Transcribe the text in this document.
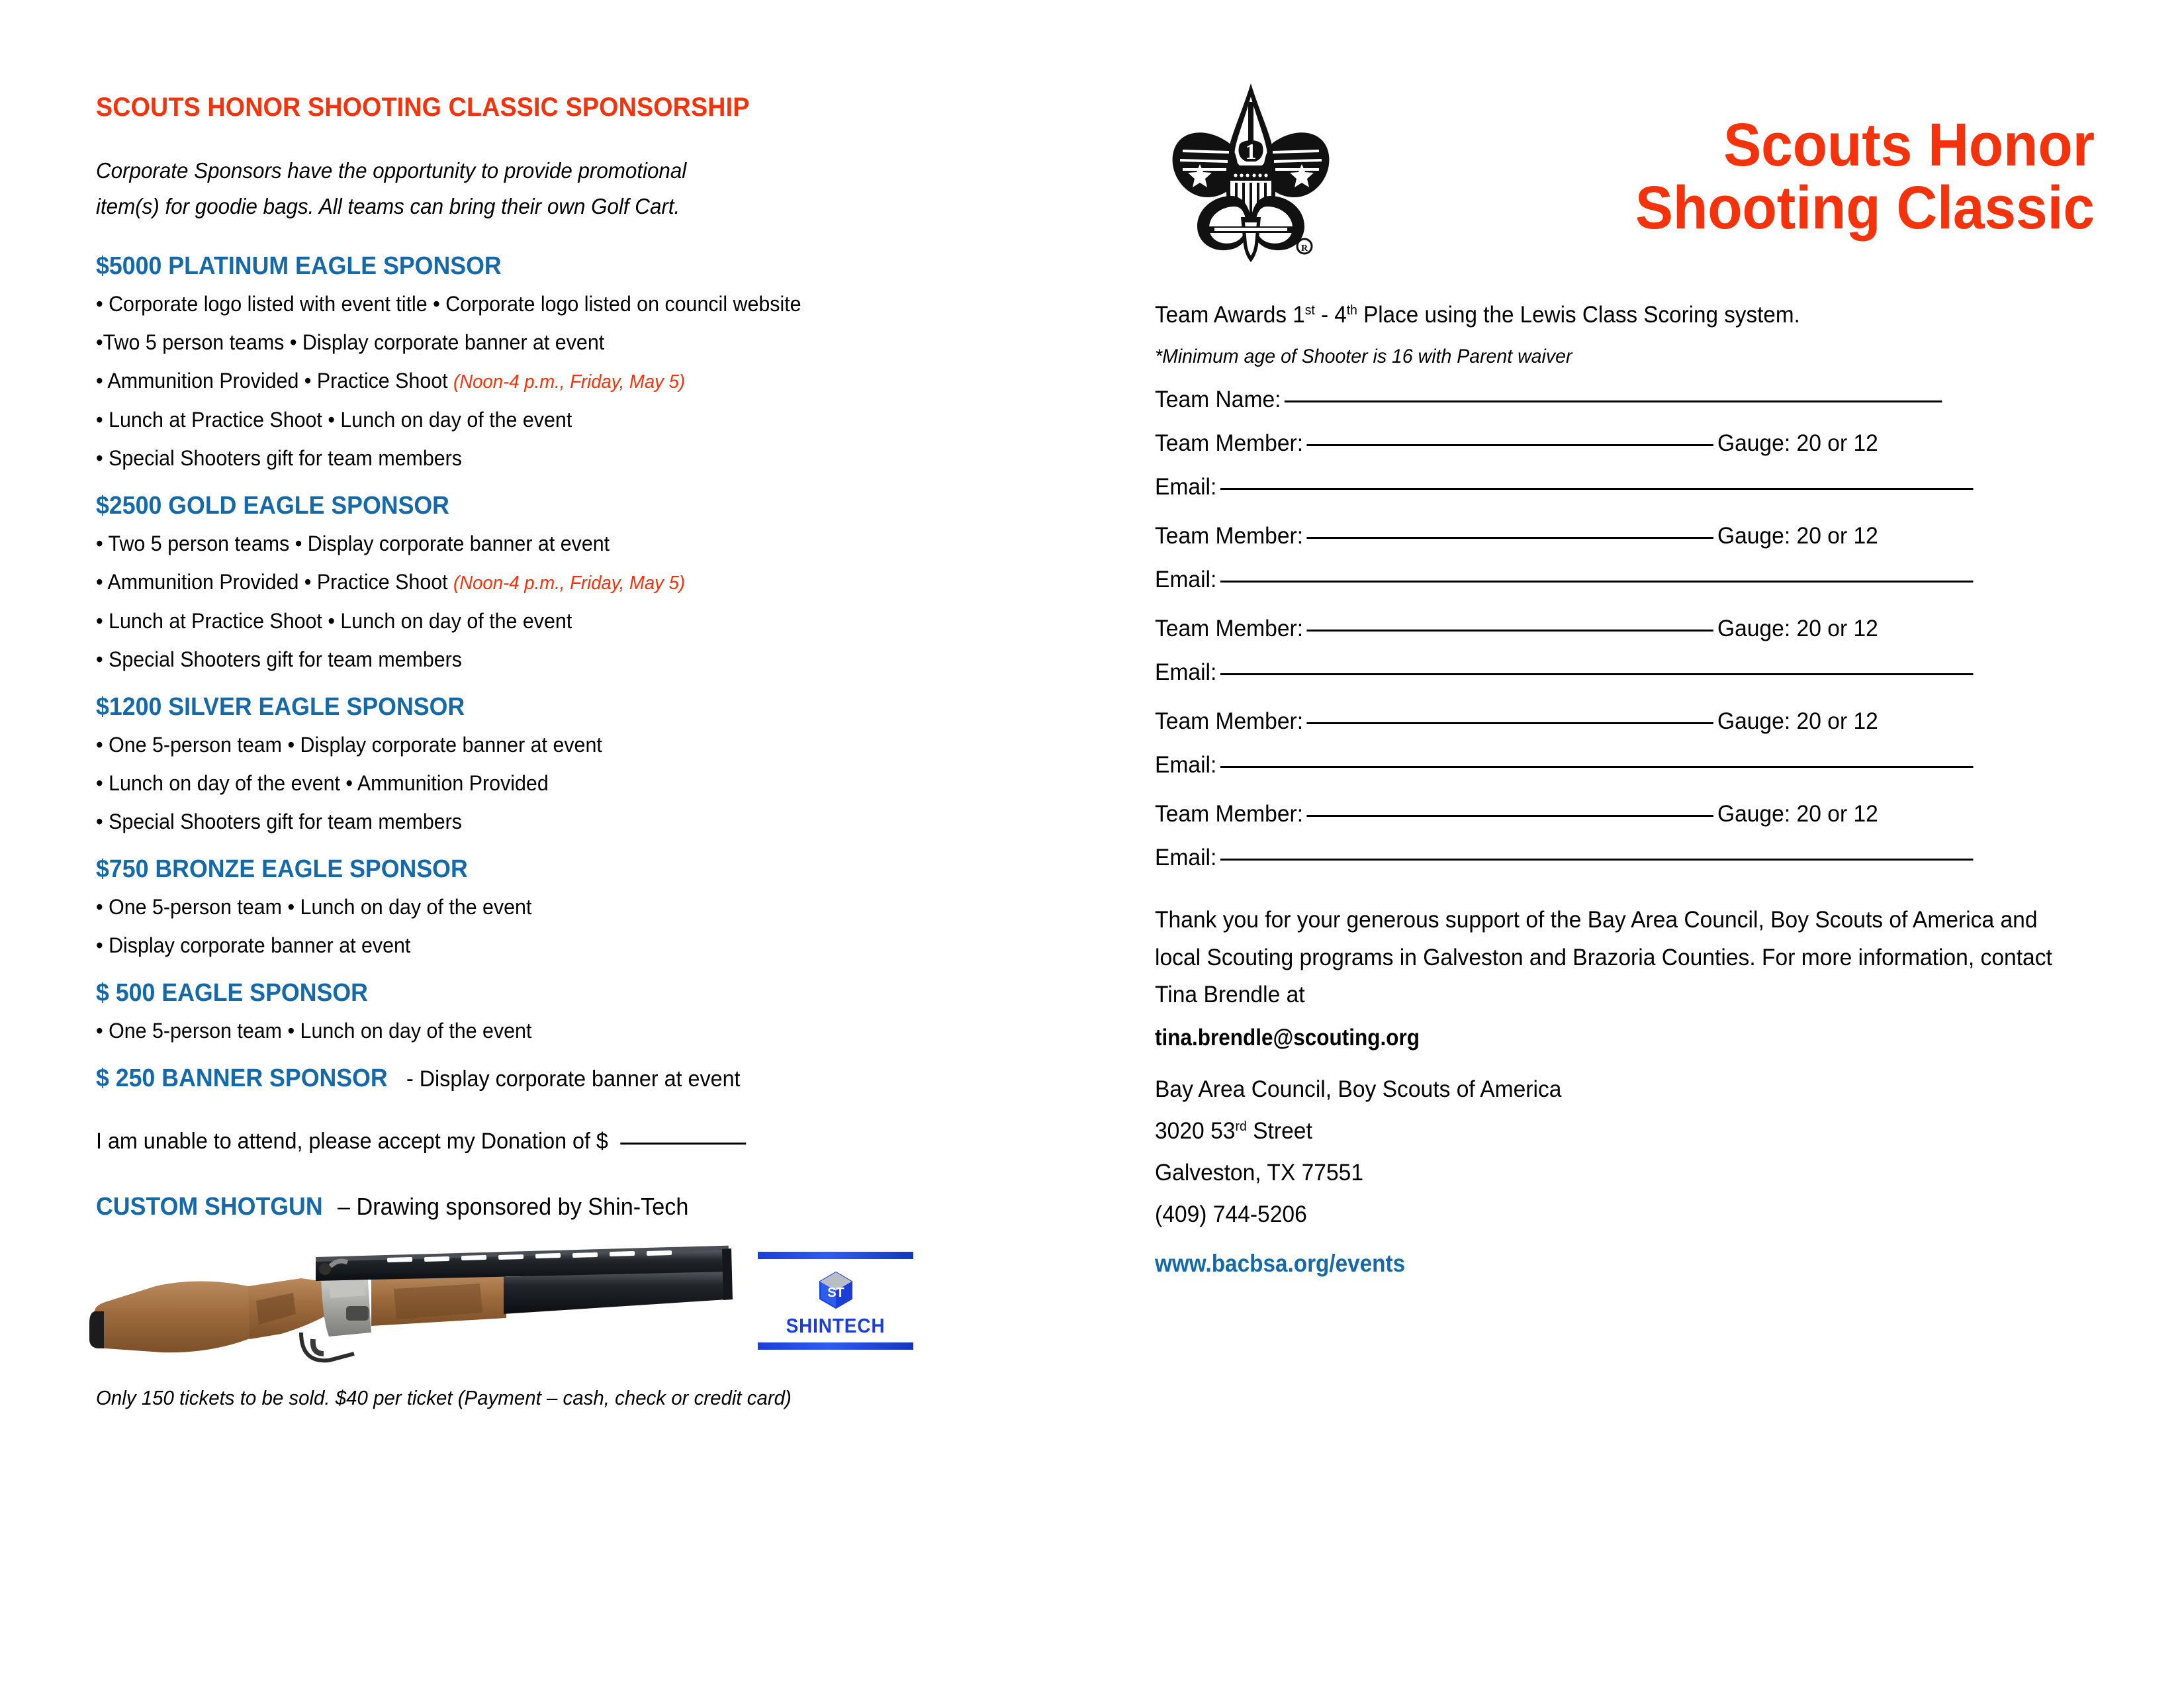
SCOUTS HONOR SHOOTING CLASSIC SPONSORSHIP
Corporate Sponsors have the opportunity to provide promotional
item(s) for goodie bags. All teams can bring their own Golf Cart.
$5000 PLATINUM EAGLE SPONSOR
• Corporate logo listed with event title • Corporate logo listed on council website
•Two 5 person teams • Display corporate banner at event
• Ammunition Provided • Practice Shoot (Noon-4 p.m., Friday, May 5)
• Lunch at Practice Shoot • Lunch on day of the event
• Special Shooters gift for team members
$2500 GOLD EAGLE SPONSOR
• Two 5 person teams • Display corporate banner at event
• Ammunition Provided • Practice Shoot (Noon-4 p.m., Friday, May 5)
• Lunch at Practice Shoot • Lunch on day of the event
• Special Shooters gift for team members
$1200 SILVER EAGLE SPONSOR
• One 5-person team • Display corporate banner at event
• Lunch on day of the event • Ammunition Provided
• Special Shooters gift for team members
$750 BRONZE EAGLE SPONSOR
• One 5-person team • Lunch on day of the event
• Display corporate banner at event
$ 500 EAGLE SPONSOR
• One 5-person team • Lunch on day of the event
$ 250 BANNER SPONSOR- Display corporate banner at event
I am unable to attend, please accept my Donation of $
CUSTOM SHOTGUN– Drawing sponsored by Shin-Tech
ST
SHINTECH
Only 150 tickets to be sold. $40 per ticket (Payment – cash, check or credit card)
1
R
Scouts Honor
Shooting Classic
Team Awards 1st - 4th Place using the Lewis Class Scoring system.
*Minimum age of Shooter is 16 with Parent waiver
Team Name:
Team Member:	Gauge: 20 or 12
Email:
Team Member:	Gauge: 20 or 12
Email:
Team Member:	Gauge: 20 or 12
Email:
Team Member:	Gauge: 20 or 12
Email:
Team Member:	Gauge: 20 or 12
Email:
Thank you for your generous support of the Bay Area Council, Boy Scouts of America and local Scouting programs in Galveston and Brazoria Counties. For more information, contact Tina Brendle at
tina.brendle@scouting.org
Bay Area Council, Boy Scouts of America
3020 53rd Street
Galveston, TX 77551
(409) 744-5206
www.bacbsa.org/events
